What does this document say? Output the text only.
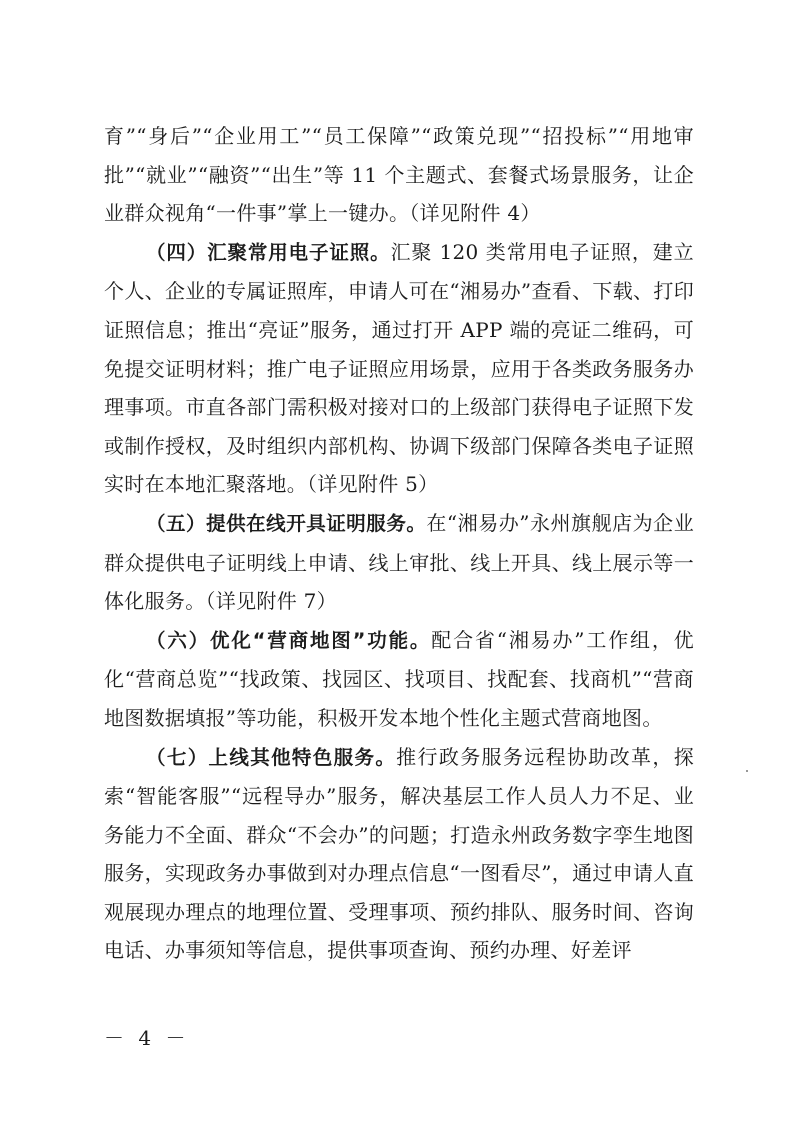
育”“身后”“企业用工”“员工保障”“政策兑现”“招投标”“用地审批”“就业”“融资”“出生”等 11 个主题式、套餐式场景服务，让企业群众视角“一件事”掌上一键办。（详见附件 4）

（四）汇聚常用电子证照。汇聚 120 类常用电子证照，建立个人、企业的专属证照库，申请人可在“湘易办”查看、下载、打印证照信息；推出“亮证”服务，通过打开 APP 端的亮证二维码，可免提交证明材料；推广电子证照应用场景，应用于各类政务服务办理事项。市直各部门需积极对接对口的上级部门获得电子证照下发或制作授权，及时组织内部机构、协调下级部门保障各类电子证照实时在本地汇聚落地。（详见附件 5）

（五）提供在线开具证明服务。在“湘易办”永州旗舰店为企业群众提供电子证明线上申请、线上审批、线上开具、线上展示等一体化服务。（详见附件 7）

（六）优化“营商地图”功能。配合省“湘易办”工作组，优化“营商总览”“找政策、找园区、找项目、找配套、找商机”“营商地图数据填报”等功能，积极开发本地个性化主题式营商地图。

（七）上线其他特色服务。推行政务服务远程协助改革，探索“智能客服”“远程导办”服务，解决基层工作人员人力不足、业务能力不全面、群众“不会办”的问题；打造永州政务数字孪生地图服务，实现政务办事做到对办理点信息“一图看尽”，通过申请人直观展现办理点的地理位置、受理事项、预约排队、服务时间、咨询电话、办事须知等信息，提供事项查询、预约办理、好差评

－ 4 －
